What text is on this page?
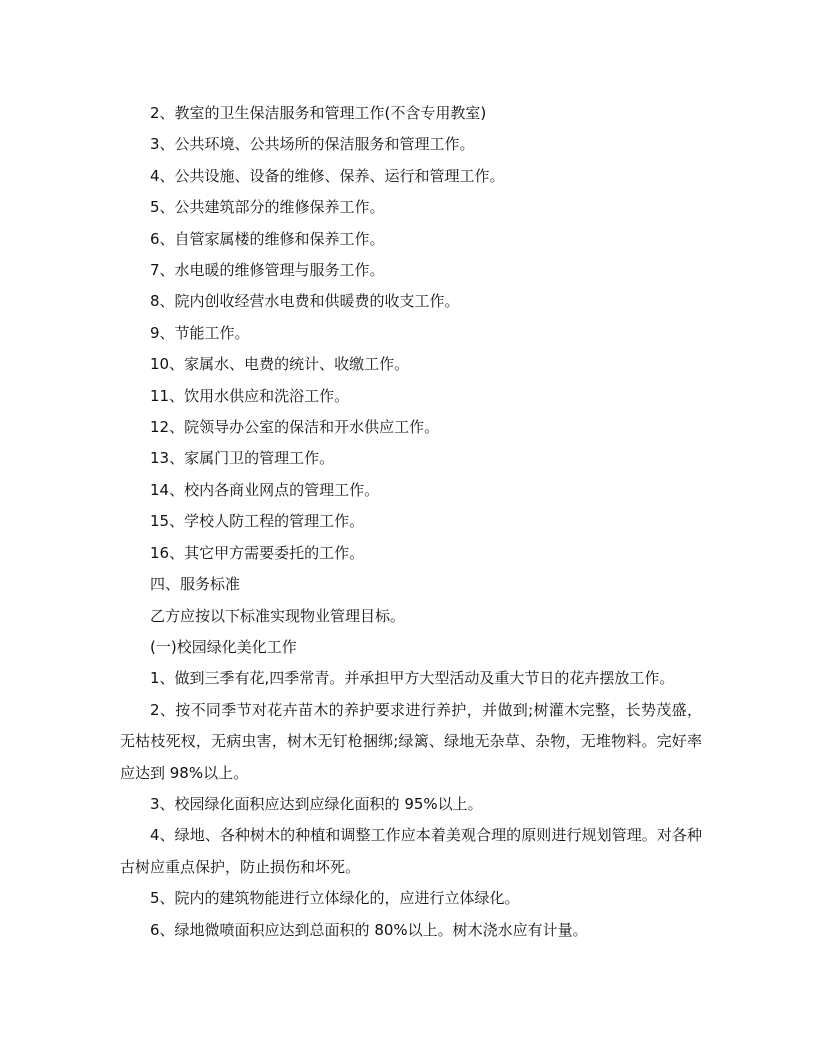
2、教室的卫生保洁服务和管理工作(不含专用教室)

3、公共环境、公共场所的保洁服务和管理工作。

4、公共设施、设备的维修、保养、运行和管理工作。

5、公共建筑部分的维修保养工作。

6、自管家属楼的维修和保养工作。

7、水电暖的维修管理与服务工作。

8、院内创收经营水电费和供暖费的收支工作。

9、节能工作。

10、家属水、电费的统计、收缴工作。

11、饮用水供应和洗浴工作。

12、院领导办公室的保洁和开水供应工作。

13、家属门卫的管理工作。

14、校内各商业网点的管理工作。

15、学校人防工程的管理工作。

16、其它甲方需要委托的工作。

四、服务标准

乙方应按以下标准实现物业管理目标。

(一)校园绿化美化工作

1、做到三季有花,四季常青。并承担甲方大型活动及重大节日的花卉摆放工作。

2、按不同季节对花卉苗木的养护要求进行养护，并做到;树灌木完整，长势茂盛，无枯枝死杈，无病虫害，树木无钉枪捆绑;绿篱、绿地无杂草、杂物，无堆物料。完好率应达到 98%以上。

3、校园绿化面积应达到应绿化面积的 95%以上。

4、绿地、各种树木的种植和调整工作应本着美观合理的原则进行规划管理。对各种古树应重点保护，防止损伤和坏死。

5、院内的建筑物能进行立体绿化的，应进行立体绿化。

6、绿地微喷面积应达到总面积的 80%以上。树木浇水应有计量。
